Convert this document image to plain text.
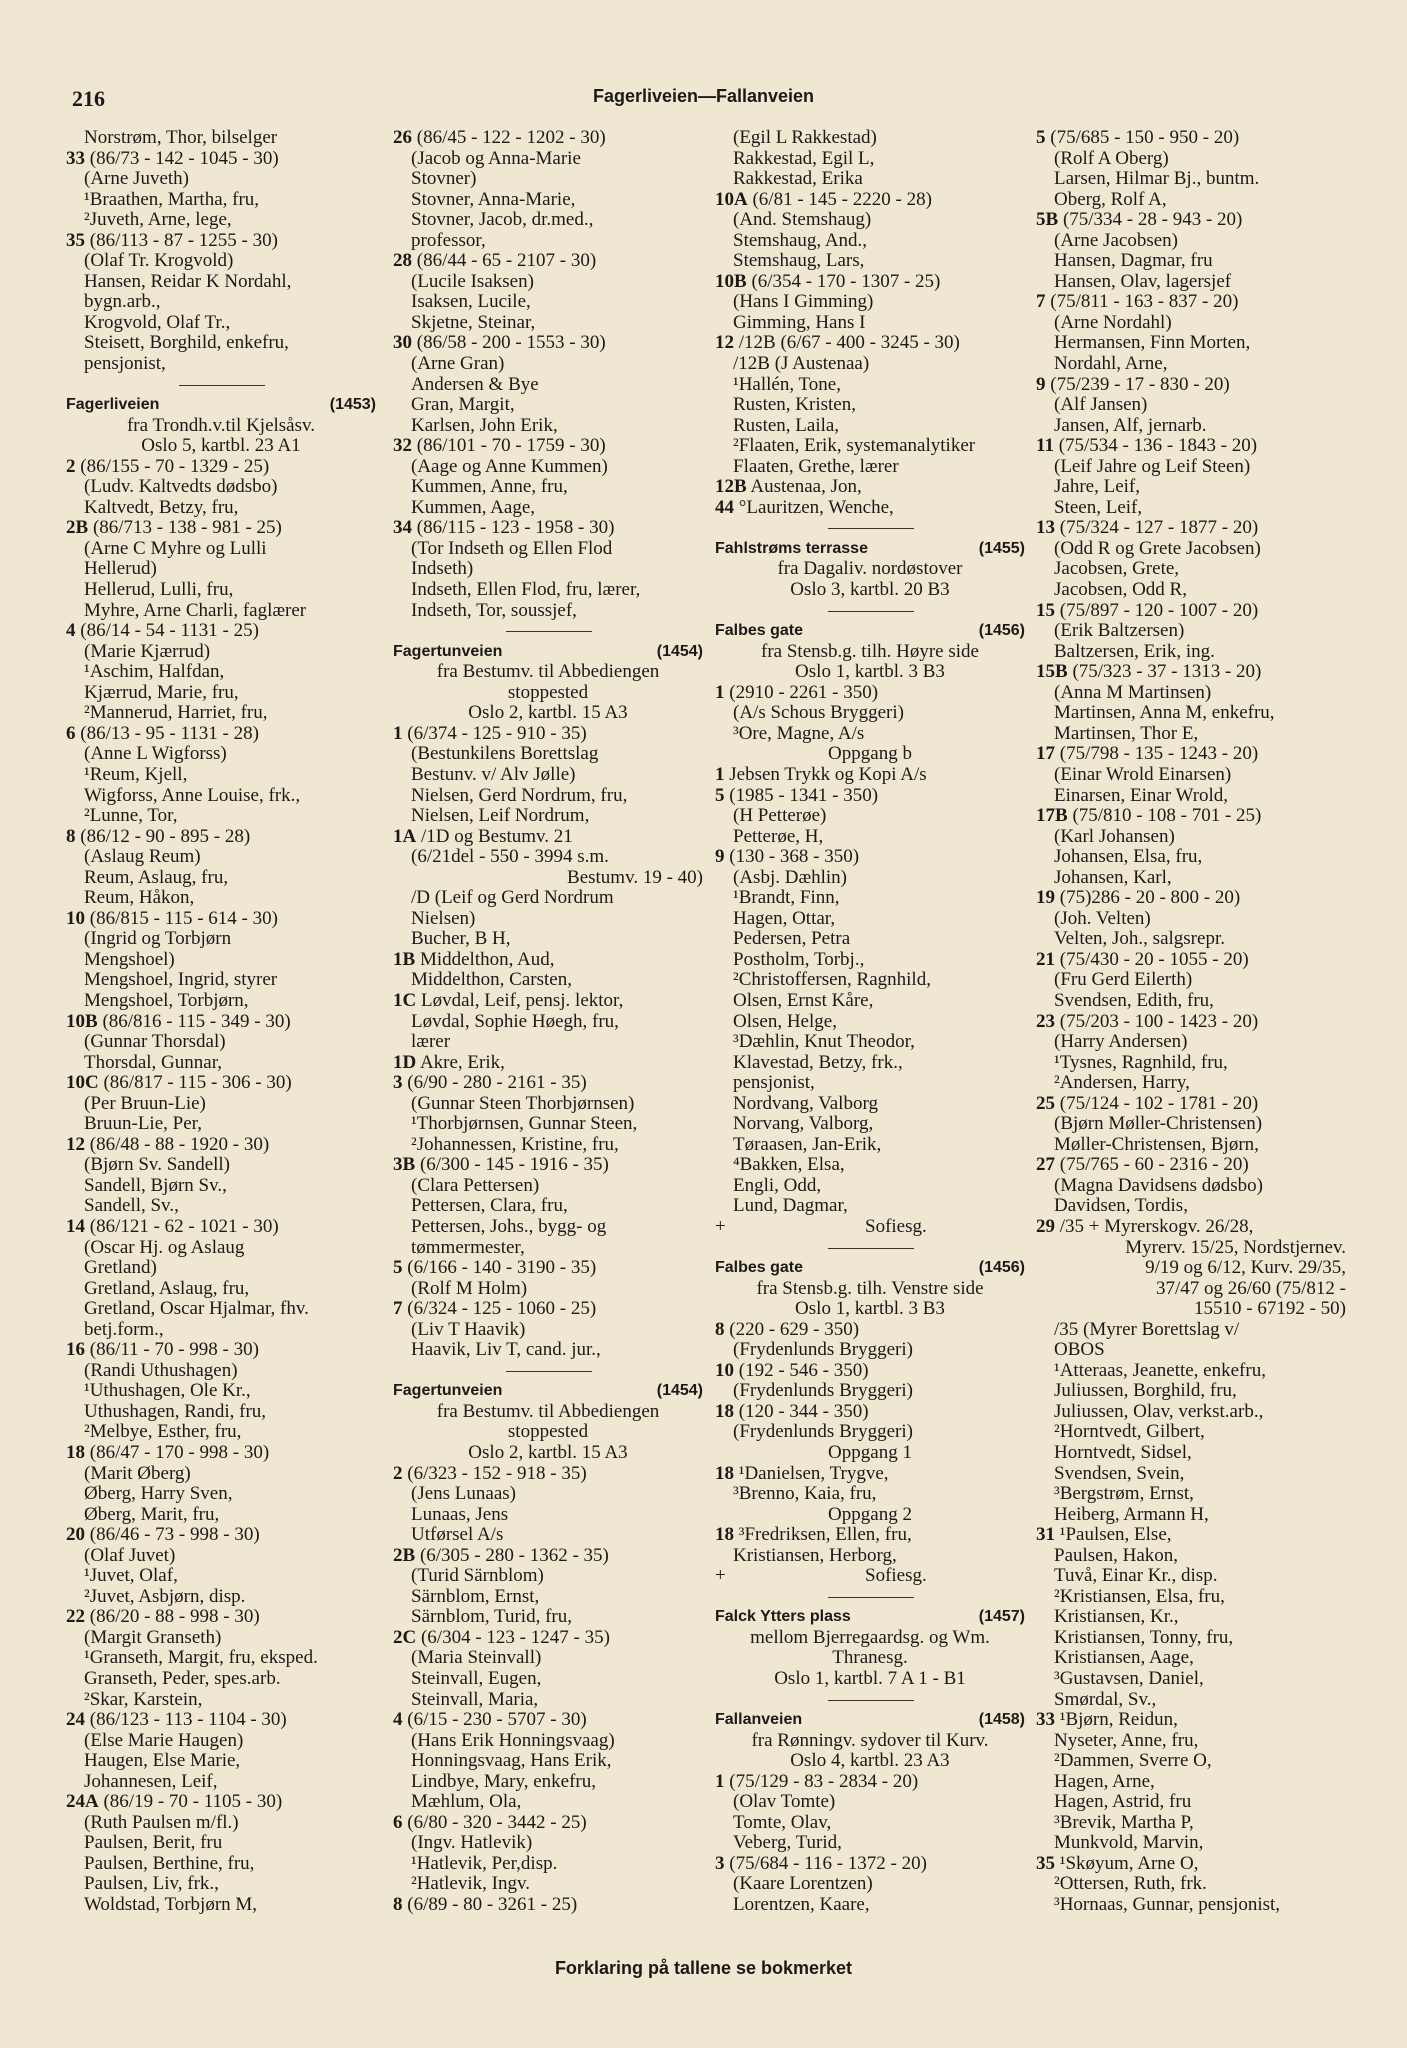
216	Fagerliveien—Fallanveien
Norstrøm, Thor, bilselger
33 (86/73 - 142 - 1045 - 30)
(Arne Juveth)
¹Braathen, Martha, fru,
²Juveth, Arne, lege,
35 (86/113 - 87 - 1255 - 30)
(Olaf Tr. Krogvold)
Hansen, Reidar K Nordahl,
bygn.arb.,
Krogvold, Olaf Tr.,
Steisett, Borghild, enkefru,
pensjonist,
Fagerliveien	(1453)
fra Trondh.v.til Kjelsåsv.
Oslo 5, kartbl. 23 A1
2 (86/155 - 70 - 1329 - 25)
(Ludv. Kaltvedts dødsbo)
Kaltvedt, Betzy, fru,
2B (86/713 - 138 - 981 - 25)
(Arne C Myhre og Lulli
Hellerud)
Hellerud, Lulli, fru,
Myhre, Arne Charli, faglærer
4 (86/14 - 54 - 1131 - 25)
(Marie Kjærrud)
¹Aschim, Halfdan,
Kjærrud, Marie, fru,
²Mannerud, Harriet, fru,
6 (86/13 - 95 - 1131 - 28)
(Anne L Wigforss)
¹Reum, Kjell,
Wigforss, Anne Louise, frk.,
²Lunne, Tor,
8 (86/12 - 90 - 895 - 28)
(Aslaug Reum)
Reum, Aslaug, fru,
Reum, Håkon,
10 (86/815 - 115 - 614 - 30)
(Ingrid og Torbjørn
Mengshoel)
Mengshoel, Ingrid, styrer
Mengshoel, Torbjørn,
10B (86/816 - 115 - 349 - 30)
(Gunnar Thorsdal)
Thorsdal, Gunnar,
10C (86/817 - 115 - 306 - 30)
(Per Bruun-Lie)
Bruun-Lie, Per,
12 (86/48 - 88 - 1920 - 30)
(Bjørn Sv. Sandell)
Sandell, Bjørn Sv.,
Sandell, Sv.,
14 (86/121 - 62 - 1021 - 30)
(Oscar Hj. og Aslaug
Gretland)
Gretland, Aslaug, fru,
Gretland, Oscar Hjalmar, fhv.
betj.form.,
16 (86/11 - 70 - 998 - 30)
(Randi Uthushagen)
¹Uthushagen, Ole Kr.,
Uthushagen, Randi, fru,
²Melbye, Esther, fru,
18 (86/47 - 170 - 998 - 30)
(Marit Øberg)
Øberg, Harry Sven,
Øberg, Marit, fru,
20 (86/46 - 73 - 998 - 30)
(Olaf Juvet)
¹Juvet, Olaf,
²Juvet, Asbjørn, disp.
22 (86/20 - 88 - 998 - 30)
(Margit Granseth)
¹Granseth, Margit, fru, eksped.
Granseth, Peder, spes.arb.
²Skar, Karstein,
24 (86/123 - 113 - 1104 - 30)
(Else Marie Haugen)
Haugen, Else Marie,
Johannesen, Leif,
24A (86/19 - 70 - 1105 - 30)
(Ruth Paulsen m/fl.)
Paulsen, Berit, fru
Paulsen, Berthine, fru,
Paulsen, Liv, frk.,
Woldstad, Torbjørn M,
26 (86/45 - 122 - 1202 - 30)
(Jacob og Anna-Marie
Stovner)
Stovner, Anna-Marie,
Stovner, Jacob, dr.med.,
professor,
28 (86/44 - 65 - 2107 - 30)
(Lucile Isaksen)
Isaksen, Lucile,
Skjetne, Steinar,
30 (86/58 - 200 - 1553 - 30)
(Arne Gran)
Andersen & Bye
Gran, Margit,
Karlsen, John Erik,
32 (86/101 - 70 - 1759 - 30)
(Aage og Anne Kummen)
Kummen, Anne, fru,
Kummen, Aage,
34 (86/115 - 123 - 1958 - 30)
(Tor Indseth og Ellen Flod
Indseth)
Indseth, Ellen Flod, fru, lærer,
Indseth, Tor, soussjef,
Fagertunveien	(1454)
fra Bestumv. til Abbediengen
stoppested
Oslo 2, kartbl. 15 A3
1 (6/374 - 125 - 910 - 35)
(Bestunkilens Borettslag
Bestunv. v/ Alv Jølle)
Nielsen, Gerd Nordrum, fru,
Nielsen, Leif Nordrum,
1A /1D og Bestumv. 21
(6/21del - 550 - 3994 s.m.
Bestumv. 19 - 40)
/D (Leif og Gerd Nordrum
Nielsen)
Bucher, B H,
1B Middelthon, Aud,
Middelthon, Carsten,
1C Løvdal, Leif, pensj. lektor,
Løvdal, Sophie Høegh, fru,
lærer
1D Akre, Erik,
3 (6/90 - 280 - 2161 - 35)
(Gunnar Steen Thorbjørnsen)
¹Thorbjørnsen, Gunnar Steen,
²Johannessen, Kristine, fru,
3B (6/300 - 145 - 1916 - 35)
(Clara Pettersen)
Pettersen, Clara, fru,
Pettersen, Johs., bygg- og
tømmermester,
5 (6/166 - 140 - 3190 - 35)
(Rolf M Holm)
7 (6/324 - 125 - 1060 - 25)
(Liv T Haavik)
Haavik, Liv T, cand. jur.,
Fagertunveien	(1454)
fra Bestumv. til Abbediengen
stoppested
Oslo 2, kartbl. 15 A3
2 (6/323 - 152 - 918 - 35)
(Jens Lunaas)
Lunaas, Jens
Utførsel A/s
2B (6/305 - 280 - 1362 - 35)
(Turid Särnblom)
Särnblom, Ernst,
Särnblom, Turid, fru,
2C (6/304 - 123 - 1247 - 35)
(Maria Steinvall)
Steinvall, Eugen,
Steinvall, Maria,
4 (6/15 - 230 - 5707 - 30)
(Hans Erik Honningsvaag)
Honningsvaag, Hans Erik,
Lindbye, Mary, enkefru,
Mæhlum, Ola,
6 (6/80 - 320 - 3442 - 25)
(Ingv. Hatlevik)
¹Hatlevik, Per,disp.
²Hatlevik, Ingv.
8 (6/89 - 80 - 3261 - 25)
(Egil L Rakkestad)
Rakkestad, Egil L,
Rakkestad, Erika
10A (6/81 - 145 - 2220 - 28)
(And. Stemshaug)
Stemshaug, And.,
Stemshaug, Lars,
10B (6/354 - 170 - 1307 - 25)
(Hans I Gimming)
Gimming, Hans I
12 /12B (6/67 - 400 - 3245 - 30)
/12B (J Austenaa)
¹Hallén, Tone,
Rusten, Kristen,
Rusten, Laila,
²Flaaten, Erik, systemanalytiker
Flaaten, Grethe, lærer
12B Austenaa, Jon,
44 °Lauritzen, Wenche,
Fahlstrøms terrasse	(1455)
fra Dagaliv. nordøstover
Oslo 3, kartbl. 20 B3
Falbes gate	(1456)
fra Stensb.g. tilh. Høyre side
Oslo 1, kartbl. 3 B3
1 (2910 - 2261 - 350)
(A/s Schous Bryggeri)
³Ore, Magne, A/s
Oppgang b
1 Jebsen Trykk og Kopi A/s
5 (1985 - 1341 - 350)
(H Petterøe)
Petterøe, H,
9 (130 - 368 - 350)
(Asbj. Dæhlin)
¹Brandt, Finn,
Hagen, Ottar,
Pedersen, Petra
Postholm, Torbj.,
²Christoffersen, Ragnhild,
Olsen, Ernst Kåre,
Olsen, Helge,
³Dæhlin, Knut Theodor,
Klavestad, Betzy, frk.,
pensjonist,
Nordvang, Valborg
Norvang, Valborg,
Tøraasen, Jan-Erik,
⁴Bakken, Elsa,
Engli, Odd,
Lund, Dagmar,
+	Sofiesg.
Falbes gate	(1456)
fra Stensb.g. tilh. Venstre side
Oslo 1, kartbl. 3 B3
8 (220 - 629 - 350)
(Frydenlunds Bryggeri)
10 (192 - 546 - 350)
(Frydenlunds Bryggeri)
18 (120 - 344 - 350)
(Frydenlunds Bryggeri)
Oppgang 1
18 ¹Danielsen, Trygve,
³Brenno, Kaia, fru,
Oppgang 2
18 ³Fredriksen, Ellen, fru,
Kristiansen, Herborg,
+	Sofiesg.
Falck Ytters plass	(1457)
mellom Bjerregaardsg. og Wm.
Thranesg.
Oslo 1, kartbl. 7 A 1 - B1
Fallanveien	(1458)
fra Rønningv. sydover til Kurv.
Oslo 4, kartbl. 23 A3
1 (75/129 - 83 - 2834 - 20)
(Olav Tomte)
Tomte, Olav,
Veberg, Turid,
3 (75/684 - 116 - 1372 - 20)
(Kaare Lorentzen)
Lorentzen, Kaare,
5 (75/685 - 150 - 950 - 20)
(Rolf A Oberg)
Larsen, Hilmar Bj., buntm.
Oberg, Rolf A,
5B (75/334 - 28 - 943 - 20)
(Arne Jacobsen)
Hansen, Dagmar, fru
Hansen, Olav, lagersjef
7 (75/811 - 163 - 837 - 20)
(Arne Nordahl)
Hermansen, Finn Morten,
Nordahl, Arne,
9 (75/239 - 17 - 830 - 20)
(Alf Jansen)
Jansen, Alf, jernarb.
11 (75/534 - 136 - 1843 - 20)
(Leif Jahre og Leif Steen)
Jahre, Leif,
Steen, Leif,
13 (75/324 - 127 - 1877 - 20)
(Odd R og Grete Jacobsen)
Jacobsen, Grete,
Jacobsen, Odd R,
15 (75/897 - 120 - 1007 - 20)
(Erik Baltzersen)
Baltzersen, Erik, ing.
15B (75/323 - 37 - 1313 - 20)
(Anna M Martinsen)
Martinsen, Anna M, enkefru,
Martinsen, Thor E,
17 (75/798 - 135 - 1243 - 20)
(Einar Wrold Einarsen)
Einarsen, Einar Wrold,
17B (75/810 - 108 - 701 - 25)
(Karl Johansen)
Johansen, Elsa, fru,
Johansen, Karl,
19 (75)286 - 20 - 800 - 20)
(Joh. Velten)
Velten, Joh., salgsrepr.
21 (75/430 - 20 - 1055 - 20)
(Fru Gerd Eilerth)
Svendsen, Edith, fru,
23 (75/203 - 100 - 1423 - 20)
(Harry Andersen)
¹Tysnes, Ragnhild, fru,
²Andersen, Harry,
25 (75/124 - 102 - 1781 - 20)
(Bjørn Møller-Christensen)
Møller-Christensen, Bjørn,
27 (75/765 - 60 - 2316 - 20)
(Magna Davidsens dødsbo)
Davidsen, Tordis,
29 /35 + Myrerskogv. 26/28,
Myrerv. 15/25, Nordstjernev.
9/19 og 6/12, Kurv. 29/35,
37/47 og 26/60 (75/812 -
15510 - 67192 - 50)
/35 (Myrer Borettslag v/
OBOS
¹Atteraas, Jeanette, enkefru,
Juliussen, Borghild, fru,
Juliussen, Olav, verkst.arb.,
²Horntvedt, Gilbert,
Horntvedt, Sidsel,
Svendsen, Svein,
³Bergstrøm, Ernst,
Heiberg, Armann H,
31 ¹Paulsen, Else,
Paulsen, Hakon,
Tuvå, Einar Kr., disp.
²Kristiansen, Elsa, fru,
Kristiansen, Kr.,
Kristiansen, Tonny, fru,
Kristiansen, Aage,
³Gustavsen, Daniel,
Smørdal, Sv.,
33 ¹Bjørn, Reidun,
Nyseter, Anne, fru,
²Dammen, Sverre O,
Hagen, Arne,
Hagen, Astrid, fru
³Brevik, Martha P,
Munkvold, Marvin,
35 ¹Skøyum, Arne O,
²Ottersen, Ruth, frk.
³Hornaas, Gunnar, pensjonist,
Forklaring på tallene se bokmerket
